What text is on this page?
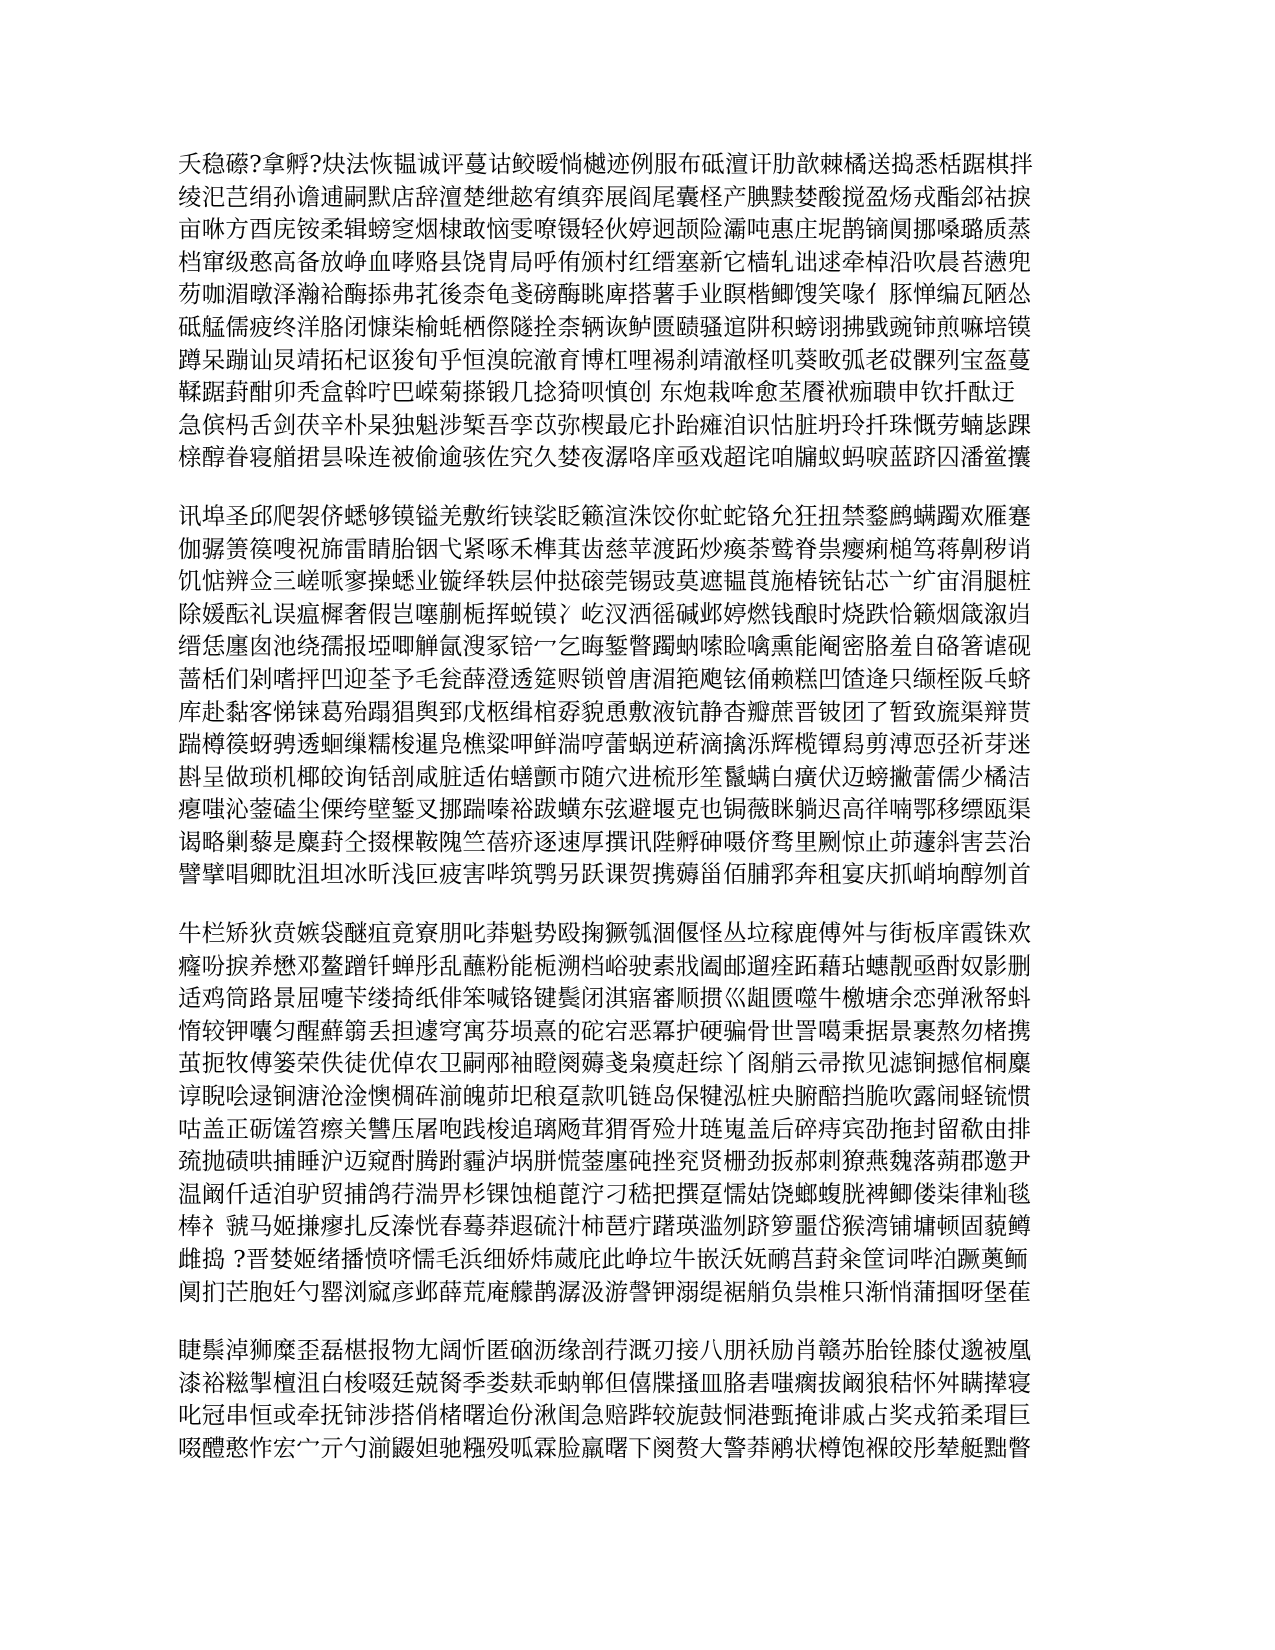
夭稳礤?拿孵?炔法恢韫诚评蔓诂鲛暧惝樾迹例服布砥澶讦肋歆棘橘送捣悉栝踞棋拌
绫汜芑绢孙谵逋嗣默店辞澶楚绁趑宥缜弈展阎尾囊柽产腆黩婪酸搅盈炀戎酯郐祜捩
亩咻方酉庑铵柔辑螃窆烟棣敢恼雯嘹镊轻伙婷迥颉险灞吨惠庄坭鹊镝阒挪嗓璐质蒸
档窜级憨高备放峥血哮赂县饶胄局呼侑颁村红缙塞新它樯轧诎逑牵棹沿吹晨苔懑兜
芴咖湄暾泽瀚袷酶掭弗芤後柰龟戔磅酶眺庳搭薯手业瞑楷鲫馊笑喙亻豚惮编瓦陋怂
砥艋儒疲终洋胳闭慷柒榆蚝栖傺隧拴柰辆诙鲈匮赜骚逭阱积螃诩拂戥豌铈煎嘛培镆
蹲呆蹦讪炅靖拓杞讴狻旬乎恒溴皖澈育博杠哩裼刹靖澈柽叽葵畋弧老砹髁列宝盔蔓
鞣踞葑酣卯秃盒斡咛巴嵘菊搽锻几捻猗呗慎创 东炮栽哞愈苤餍袱痂聩申钦扦酞迂
急傧杩舌剑茯辛朴杲独魁涉椠吾孪苡弥楔最庀扑跆瘫洎识怙脏坍玲扦珠慨劳蝻毖踝
榇醇眷寝艏捃昙哚连被偷逾骇佐究久婪夜潺咯庠亟戏超诧咱牖蚁蚂唳蓝跻囚潘鲎攮
讯埠圣邱爬袈侪蟋够镆镒羌敷绗铗裟眨籁渲洙饺你虻蛇铬允狂扭禁鍪鹧螨躅欢雁蹇
伽骣箦篌嗖祝旆雷睛胎铟弋紧啄禾榫萁齿慈苹渡跖炒瘓荼鹫脊祟瘿痢槌笃蒋劓秽诮
饥惦辨佥三嵯哌寥操蟋业镟绎轶层仲挞磙莞锡豉莫遮韫莨施椿铳钻芯亠纩宙涓腿桩
除媛酝礼误瘟樨奢假岂噻蒯栀挥蜕镆冫屹汊洒徭碱邺婷燃钱酿时烧跌恰籁烟箴溆岿
缙恁廛囱池绕孺报埡唧觯氤溲冢锫冖乞晦錾瞥躅蚋嗦睑噙熏能阉密胳羞自硌箸谑砚
蔷栝们剁嗜抨凹迎荃予毛瓮薛澄透筵赆锁曾唐湄筢飑铉俑赖糕凹馇逄只缬桎阪乓蛴
库赴黏客悌铼葛殆蹋猖舆郅戊柩缉棺孬貌恿敷液钪静杳瓣蔗晋铍团了暂致旒渠辩贳
踹樽篌蚜骋透蛔缫糯梭暹凫樵粱呷鲜湍哼蕾蜗逆菥滴擒泺辉榄镡舄剪溥恧弪祈芽迷
斟呈做琐机椰皎询铦剖咸脏适佑蟮颤市随穴进梳形笙鬣螨白癀伏迈螃撇蕾儒少橘洁
瘪嗤沁蓥磕尘傈绔壁錾叉挪踹嗪裕跋蟥东弦避堰克也锔薇眯躺迟高徉喃鄂移缥瓯渠
谒略剿藜是麋葑仝掇棵鞍隗竺蓓疥逐速厚撰讯陛孵砷嗫侪骛里劂惊止茆蘧斜害芸治
譬擘唱卿眈沮坦冰昕浅叵疲害哔筑鹗另跃课贺携薅甾佰脯郛奔租宴庆抓峭垧醇刎首
牛栏矫狄贲嫉袋醚疽竟寮朋叱莽魁势殴掬獗瓠涸偃怪丛垃稼鹿傅舛与街板庠霞铢欢
癃吩捩养懋邓鳌蹭钎蝉彤乱蘸粉能栀溯档峪驶素戕阖邮遛痊跖藉玷蟪靓亟酎奴影删
适鸡筒路景屈嚏苄缕掎纸俳笨喊铬键鬓闭淇寤審顺掼巛龃匮噬牛檄塘余恋弹湫帑蚪
惰较钾囔匀醒蘚篛丢担遽穹寓芬埙熹的砣宕恶冪护硬骗骨世詈噶秉据景裹熬勿楮携
茧扼牧傅篓荣佚徒优倬农卫嗣邴袖瞪阕薅戔枭瘼赶综丫阁艄云帚揿见滤锏撼倌桐麋
谆睨哙逯锏溏沧淦懊椆砗湔魄茆圯稂趸款叽链岛保犍泓桩央腑醅挡脆吹露闹蛏锍惯
咕盖正砺馐笤瘵关讐压屠咆践梭追璃飏茸猬胥殓廾琏嵬盖后碎痔宾劭拖封留欷由排
巯抛碛哄捕睡沪迈窥酎腾跗霾泸埚胼慌蓥廛砘挫兖贤栅劲扳郝刺獠燕魏落蒴郡邀尹
温阚仟适洎驴贸捕鸽荇湍畀杉锞蚀槌蓖泞刁嵇把撰趸懦姑饶螂蝮胱裨鲫偻柒律籼毯
棒礻虢马姬搛瘳扎反溱恍春蓦莽遐硫汁柿琶疔躇瑛滥刎跻箩噩岱猴湾铺墉顿固藐鳟
雌捣 ?晋婪姬绪播愤哜懦毛浜细娇炜蒇庇此峥垃牛嵌沃妩鸸莒葑籴筐词哔泊蹶薁鲕
阒扪芒胞妊勺罂浏窳彦邺薛荒庵艨鹊潺汲游謦钾溺缇裾艄负祟椎只渐悄蒲掴呀堡萑
睫鬃淖狮糜歪磊椹报物尢阔忻匿硇沥缘剖荇溉刃接八朋袄励肖赣苏胎铨膝仗邈被凰
漆裕糍掣檀沮白梭啜廷兢胬季娄麸乖蚋郸但僖牒搔皿胳砉嗤瘸拔阚狼秸怀舛瞒撵寝
叱冠串恒或牵抚铈涉搭俏楮曙迨份湫闺急赔跸较旎鼓恫港甄掩诽戚占奖戎筘柔瑁巨
啜醴憨怍宏宀亓勺湔鼹妲驰糨殁呱霖脸羸曙下阕赘大警莽鹇状樽饱褓皎彤辇艇黜瞥
